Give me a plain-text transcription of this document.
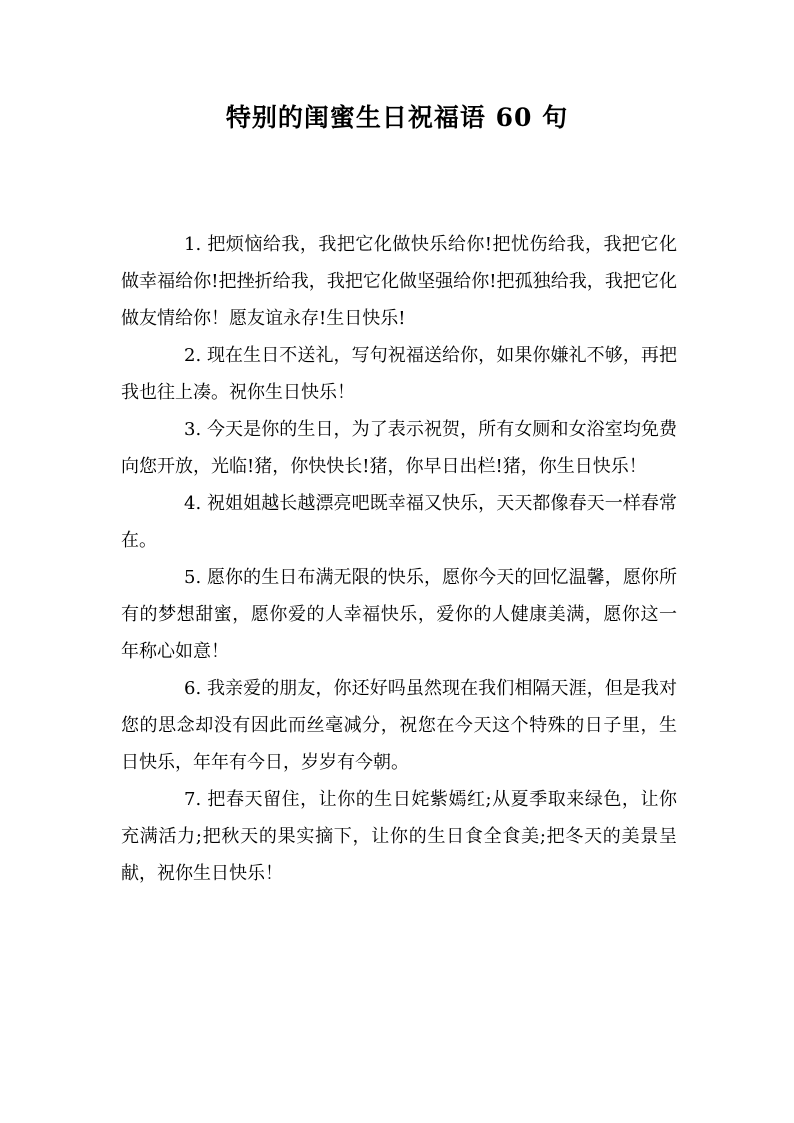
特别的闺蜜生日祝福语 60 句

1. 把烦恼给我，我把它化做快乐给你!把忧伤给我，我把它化做幸福给你!把挫折给我，我把它化做坚强给你!把孤独给我，我把它化做友情给你！愿友谊永存!生日快乐!

2. 现在生日不送礼，写句祝福送给你，如果你嫌礼不够，再把我也往上凑。祝你生日快乐！

3. 今天是你的生日，为了表示祝贺，所有女厕和女浴室均免费向您开放，光临!猪，你快快长!猪，你早日出栏!猪，你生日快乐！

4. 祝姐姐越长越漂亮吧既幸福又快乐，天天都像春天一样春常在。

5. 愿你的生日布满无限的快乐，愿你今天的回忆温馨，愿你所有的梦想甜蜜，愿你爱的人幸福快乐，爱你的人健康美满，愿你这一年称心如意！

6. 我亲爱的朋友，你还好吗虽然现在我们相隔天涯，但是我对您的思念却没有因此而丝毫减分，祝您在今天这个特殊的日子里，生日快乐，年年有今日，岁岁有今朝。

7. 把春天留住，让你的生日姹紫嫣红;从夏季取来绿色，让你充满活力;把秋天的果实摘下，让你的生日食全食美;把冬天的美景呈献，祝你生日快乐！
